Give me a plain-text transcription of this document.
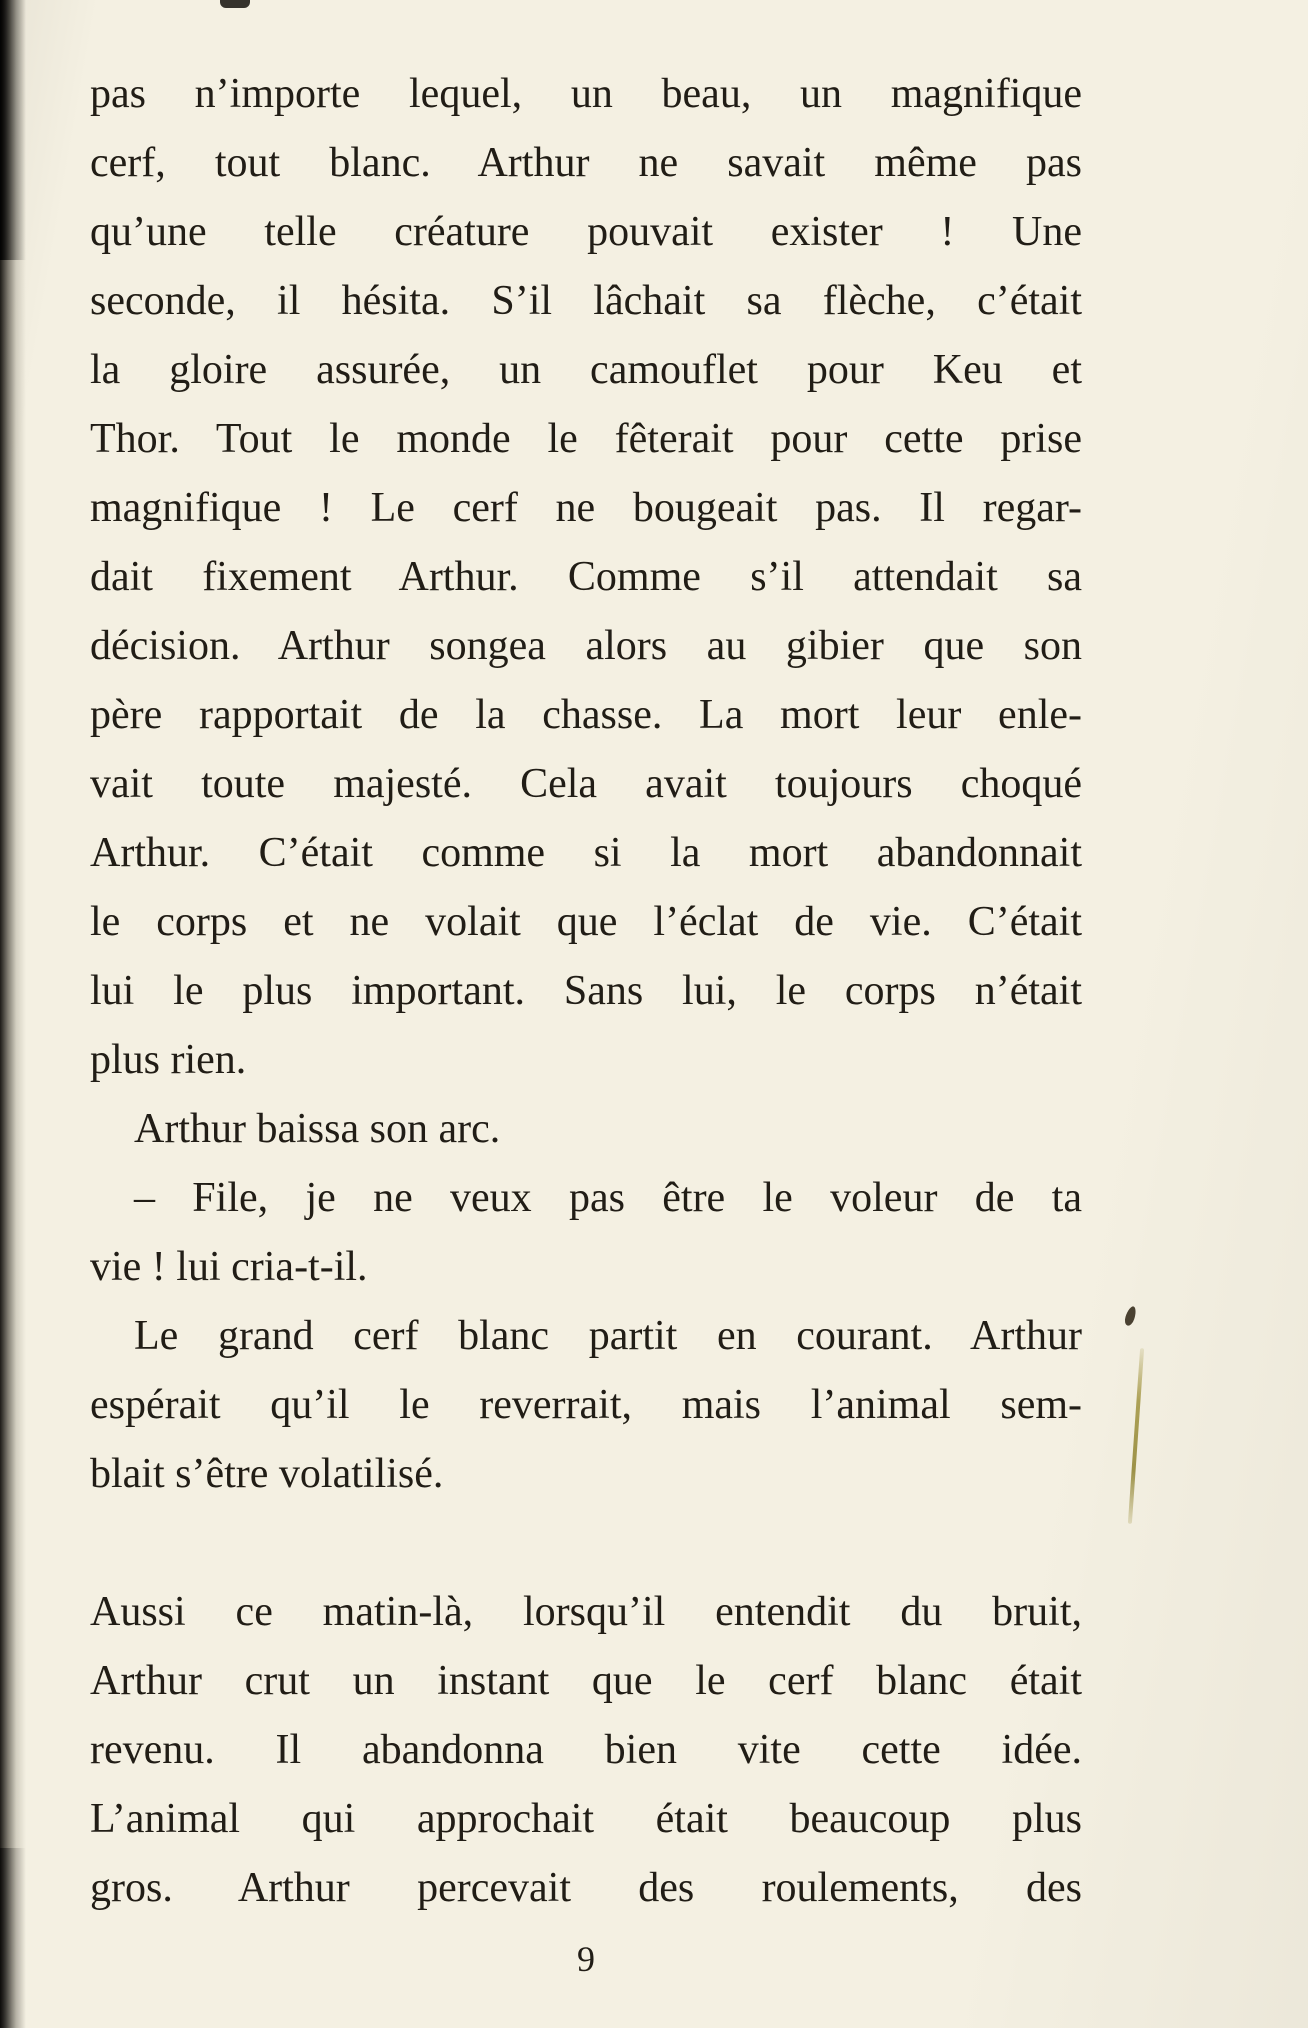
pas n’importe lequel, un beau, un magnifique
cerf, tout blanc. Arthur ne savait même pas
qu’une telle créature pouvait exister ! Une
seconde, il hésita. S’il lâchait sa flèche, c’était
la gloire assurée, un camouflet pour Keu et
Thor. Tout le monde le fêterait pour cette prise
magnifique ! Le cerf ne bougeait pas. Il regar-
dait fixement Arthur. Comme s’il attendait sa
décision. Arthur songea alors au gibier que son
père rapportait de la chasse. La mort leur enle-
vait toute majesté. Cela avait toujours choqué
Arthur. C’était comme si la mort abandonnait
le corps et ne volait que l’éclat de vie. C’était
lui le plus important. Sans lui, le corps n’était
plus rien.
Arthur baissa son arc.
– File, je ne veux pas être le voleur de ta
vie ! lui cria-t-il.
Le grand cerf blanc partit en courant. Arthur
espérait qu’il le reverrait, mais l’animal sem-
blait s’être volatilisé.
Aussi ce matin-là, lorsqu’il entendit du bruit,
Arthur crut un instant que le cerf blanc était
revenu. Il abandonna bien vite cette idée.
L’animal qui approchait était beaucoup plus
gros. Arthur percevait des roulements, des
9
